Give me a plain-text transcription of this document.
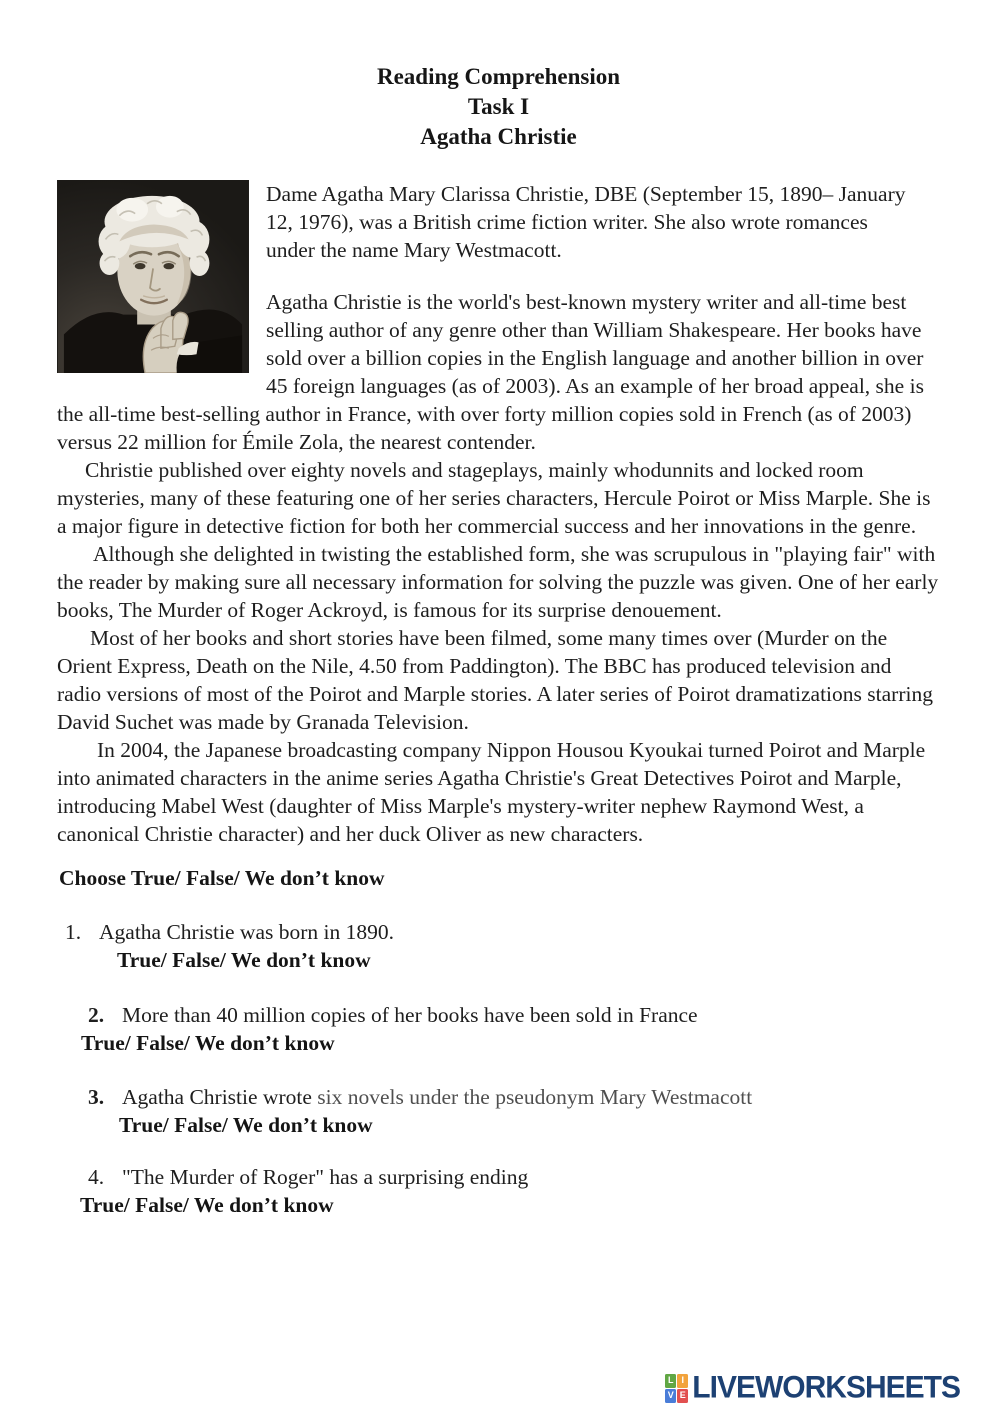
Reading Comprehension
Task I
Agatha Christie

Dame Agatha Mary Clarissa Christie, DBE (September 15, 1890– January 12, 1976), was a British crime fiction writer. She also wrote romances under the name Mary Westmacott.

Agatha Christie is the world's best-known mystery writer and all-time best selling author of any genre other than William Shakespeare. Her books have sold over a billion copies in the English language and another billion in over 45 foreign languages (as of 2003). As an example of her broad appeal, she is the all-time best-selling author in France, with over forty million copies sold in French (as of 2003) versus 22 million for Émile Zola, the nearest contender.

Christie published over eighty novels and stageplays, mainly whodunnits and locked room mysteries, many of these featuring one of her series characters, Hercule Poirot or Miss Marple. She is a major figure in detective fiction for both her commercial success and her innovations in the genre.

Although she delighted in twisting the established form, she was scrupulous in "playing fair" with the reader by making sure all necessary information for solving the puzzle was given. One of her early books, The Murder of Roger Ackroyd, is famous for its surprise denouement.

Most of her books and short stories have been filmed, some many times over (Murder on the Orient Express, Death on the Nile, 4.50 from Paddington). The BBC has produced television and radio versions of most of the Poirot and Marple stories. A later series of Poirot dramatizations starring David Suchet was made by Granada Television.

In 2004, the Japanese broadcasting company Nippon Housou Kyoukai turned Poirot and Marple into animated characters in the anime series Agatha Christie's Great Detectives Poirot and Marple, introducing Mabel West (daughter of Miss Marple's mystery-writer nephew Raymond West, a canonical Christie character) and her duck Oliver as new characters.

Choose True/ False/ We don’t know
1. Agatha Christie was born in 1890.
True/ False/ We don’t know
2. More than 40 million copies of her books have been sold in France
True/ False/ We don’t know
3. Agatha Christie wrote six novels under the pseudonym Mary Westmacott
True/ False/ We don’t know
4. "The Murder of Roger" has a surprising ending
True/ False/ We don’t know
L I
V E LIVEWORKSHEETS
